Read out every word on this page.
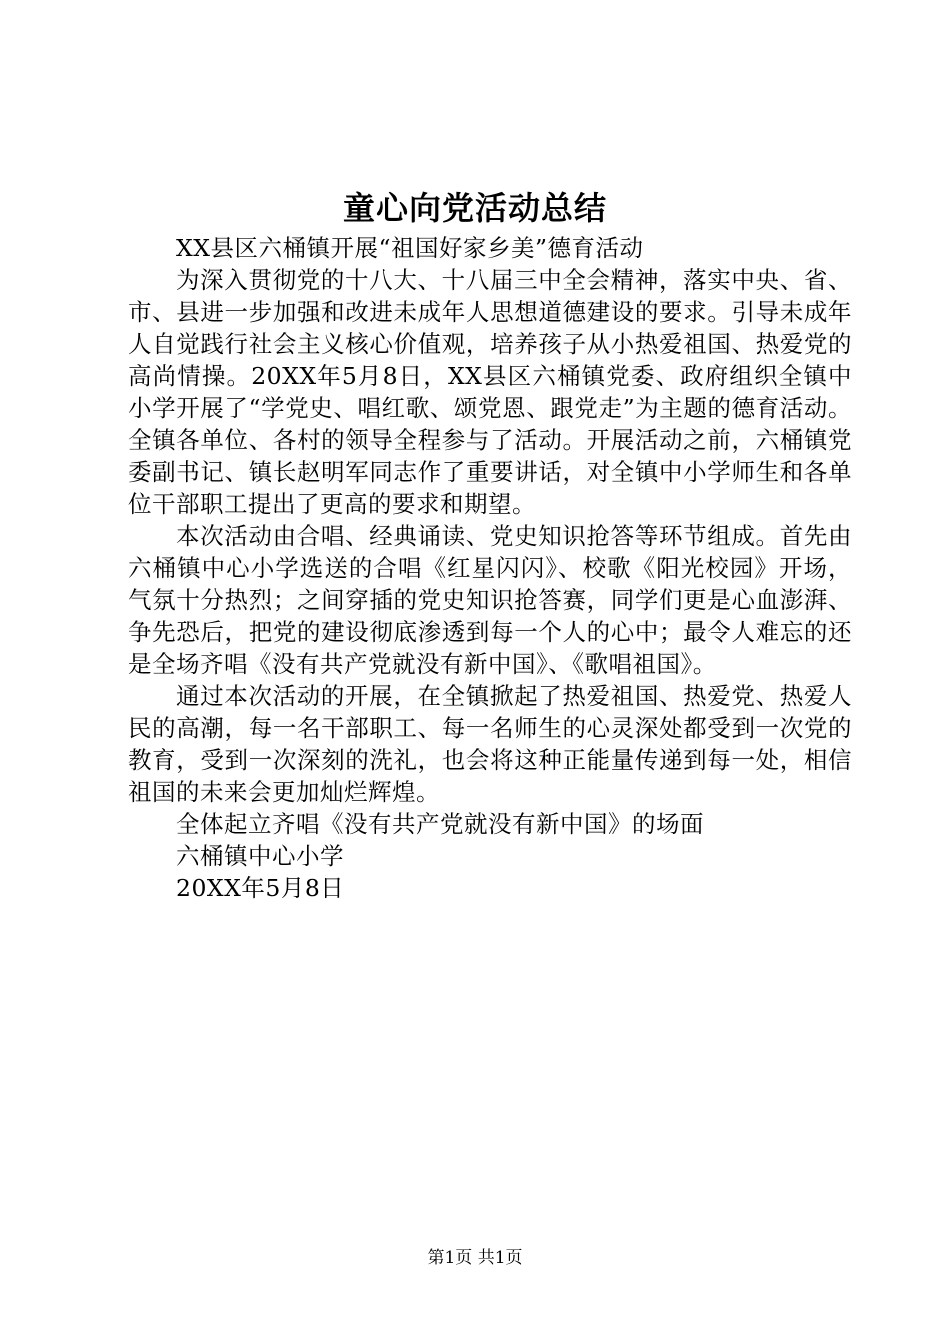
童心向党活动总结

XX县区六桶镇开展“祖国好家乡美”德育活动

为深入贯彻党的十八大、十八届三中全会精神，落实中央、省、市、县进一步加强和改进未成年人思想道德建设的要求。引导未成年人自觉践行社会主义核心价值观，培养孩子从小热爱祖国、热爱党的高尚情操。20XX年5月8日，XX县区六桶镇党委、政府组织全镇中小学开展了“学党史、唱红歌、颂党恩、跟党走”为主题的德育活动。全镇各单位、各村的领导全程参与了活动。开展活动之前，六桶镇党委副书记、镇长赵明军同志作了重要讲话，对全镇中小学师生和各单位干部职工提出了更高的要求和期望。

本次活动由合唱、经典诵读、党史知识抢答等环节组成。首先由六桶镇中心小学选送的合唱《红星闪闪》、校歌《阳光校园》开场，气氛十分热烈；之间穿插的党史知识抢答赛，同学们更是心血澎湃、争先恐后，把党的建设彻底渗透到每一个人的心中；最令人难忘的还是全场齐唱《没有共产党就没有新中国》、《歌唱祖国》。

通过本次活动的开展，在全镇掀起了热爱祖国、热爱党、热爱人民的高潮，每一名干部职工、每一名师生的心灵深处都受到一次党的教育，受到一次深刻的洗礼，也会将这种正能量传递到每一处，相信祖国的未来会更加灿烂辉煌。

全体起立齐唱《没有共产党就没有新中国》的场面

六桶镇中心小学

20XX年5月8日

第1页 共1页
